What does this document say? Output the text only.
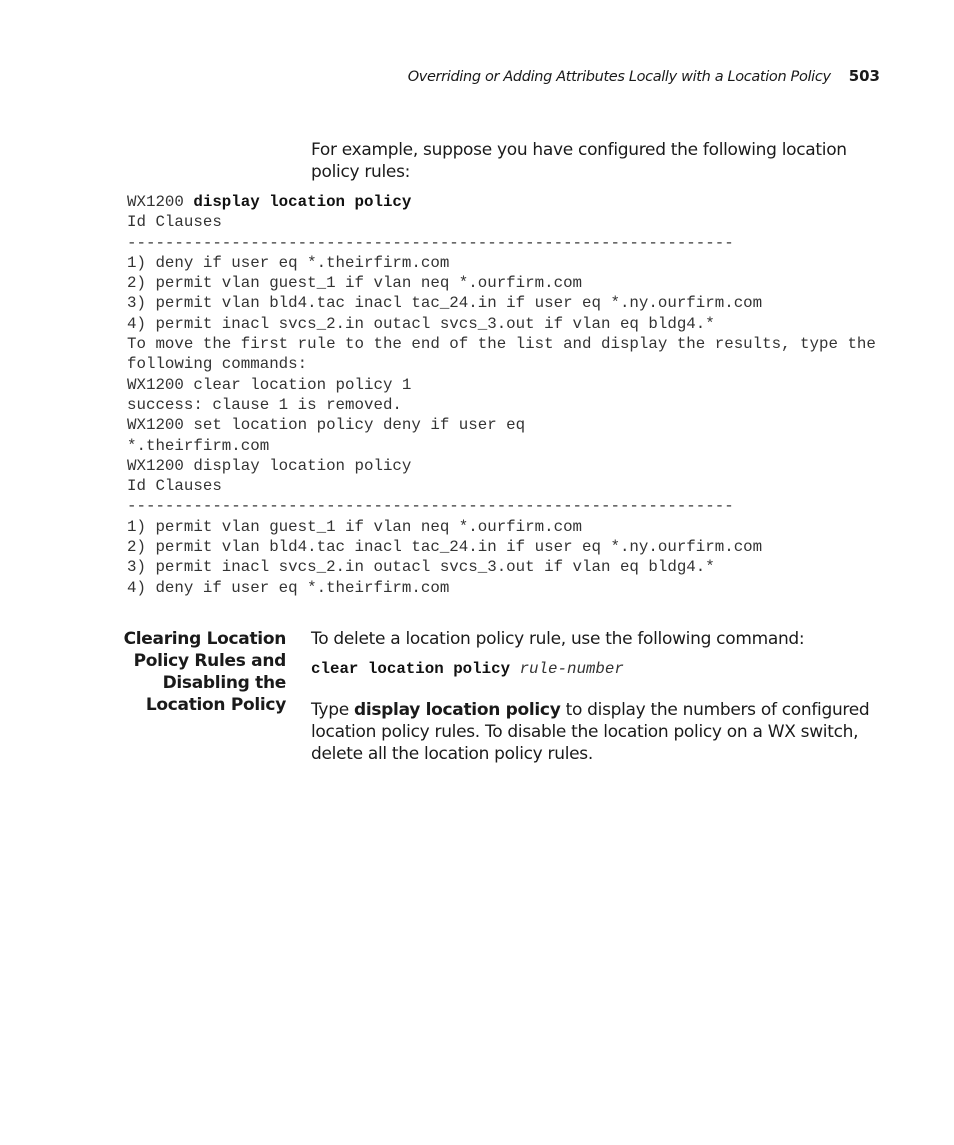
Overriding or Adding Attributes Locally with a Location Policy 503
For example, suppose you have configured the following location policy rules:
WX1200 display location policy
Id Clauses
----------------------------------------------------------------
1) deny if user eq *.theirfirm.com
2) permit vlan guest_1 if vlan neq *.ourfirm.com
3) permit vlan bld4.tac inacl tac_24.in if user eq *.ny.ourfirm.com
4) permit inacl svcs_2.in outacl svcs_3.out if vlan eq bldg4.*
To move the first rule to the end of the list and display the results, type the
following commands:
WX1200 clear location policy 1
success: clause 1 is removed.
WX1200 set location policy deny if user eq
*.theirfirm.com
WX1200 display location policy
Id Clauses
----------------------------------------------------------------
1) permit vlan guest_1 if vlan neq *.ourfirm.com
2) permit vlan bld4.tac inacl tac_24.in if user eq *.ny.ourfirm.com
3) permit inacl svcs_2.in outacl svcs_3.out if vlan eq bldg4.*
4) deny if user eq *.theirfirm.com
Clearing Location
Policy Rules and
Disabling the
Location Policy
To delete a location policy rule, use the following command:
clear location policy rule-number
Type display location policy to display the numbers of configured location policy rules. To disable the location policy on a WX switch, delete all the location policy rules.
